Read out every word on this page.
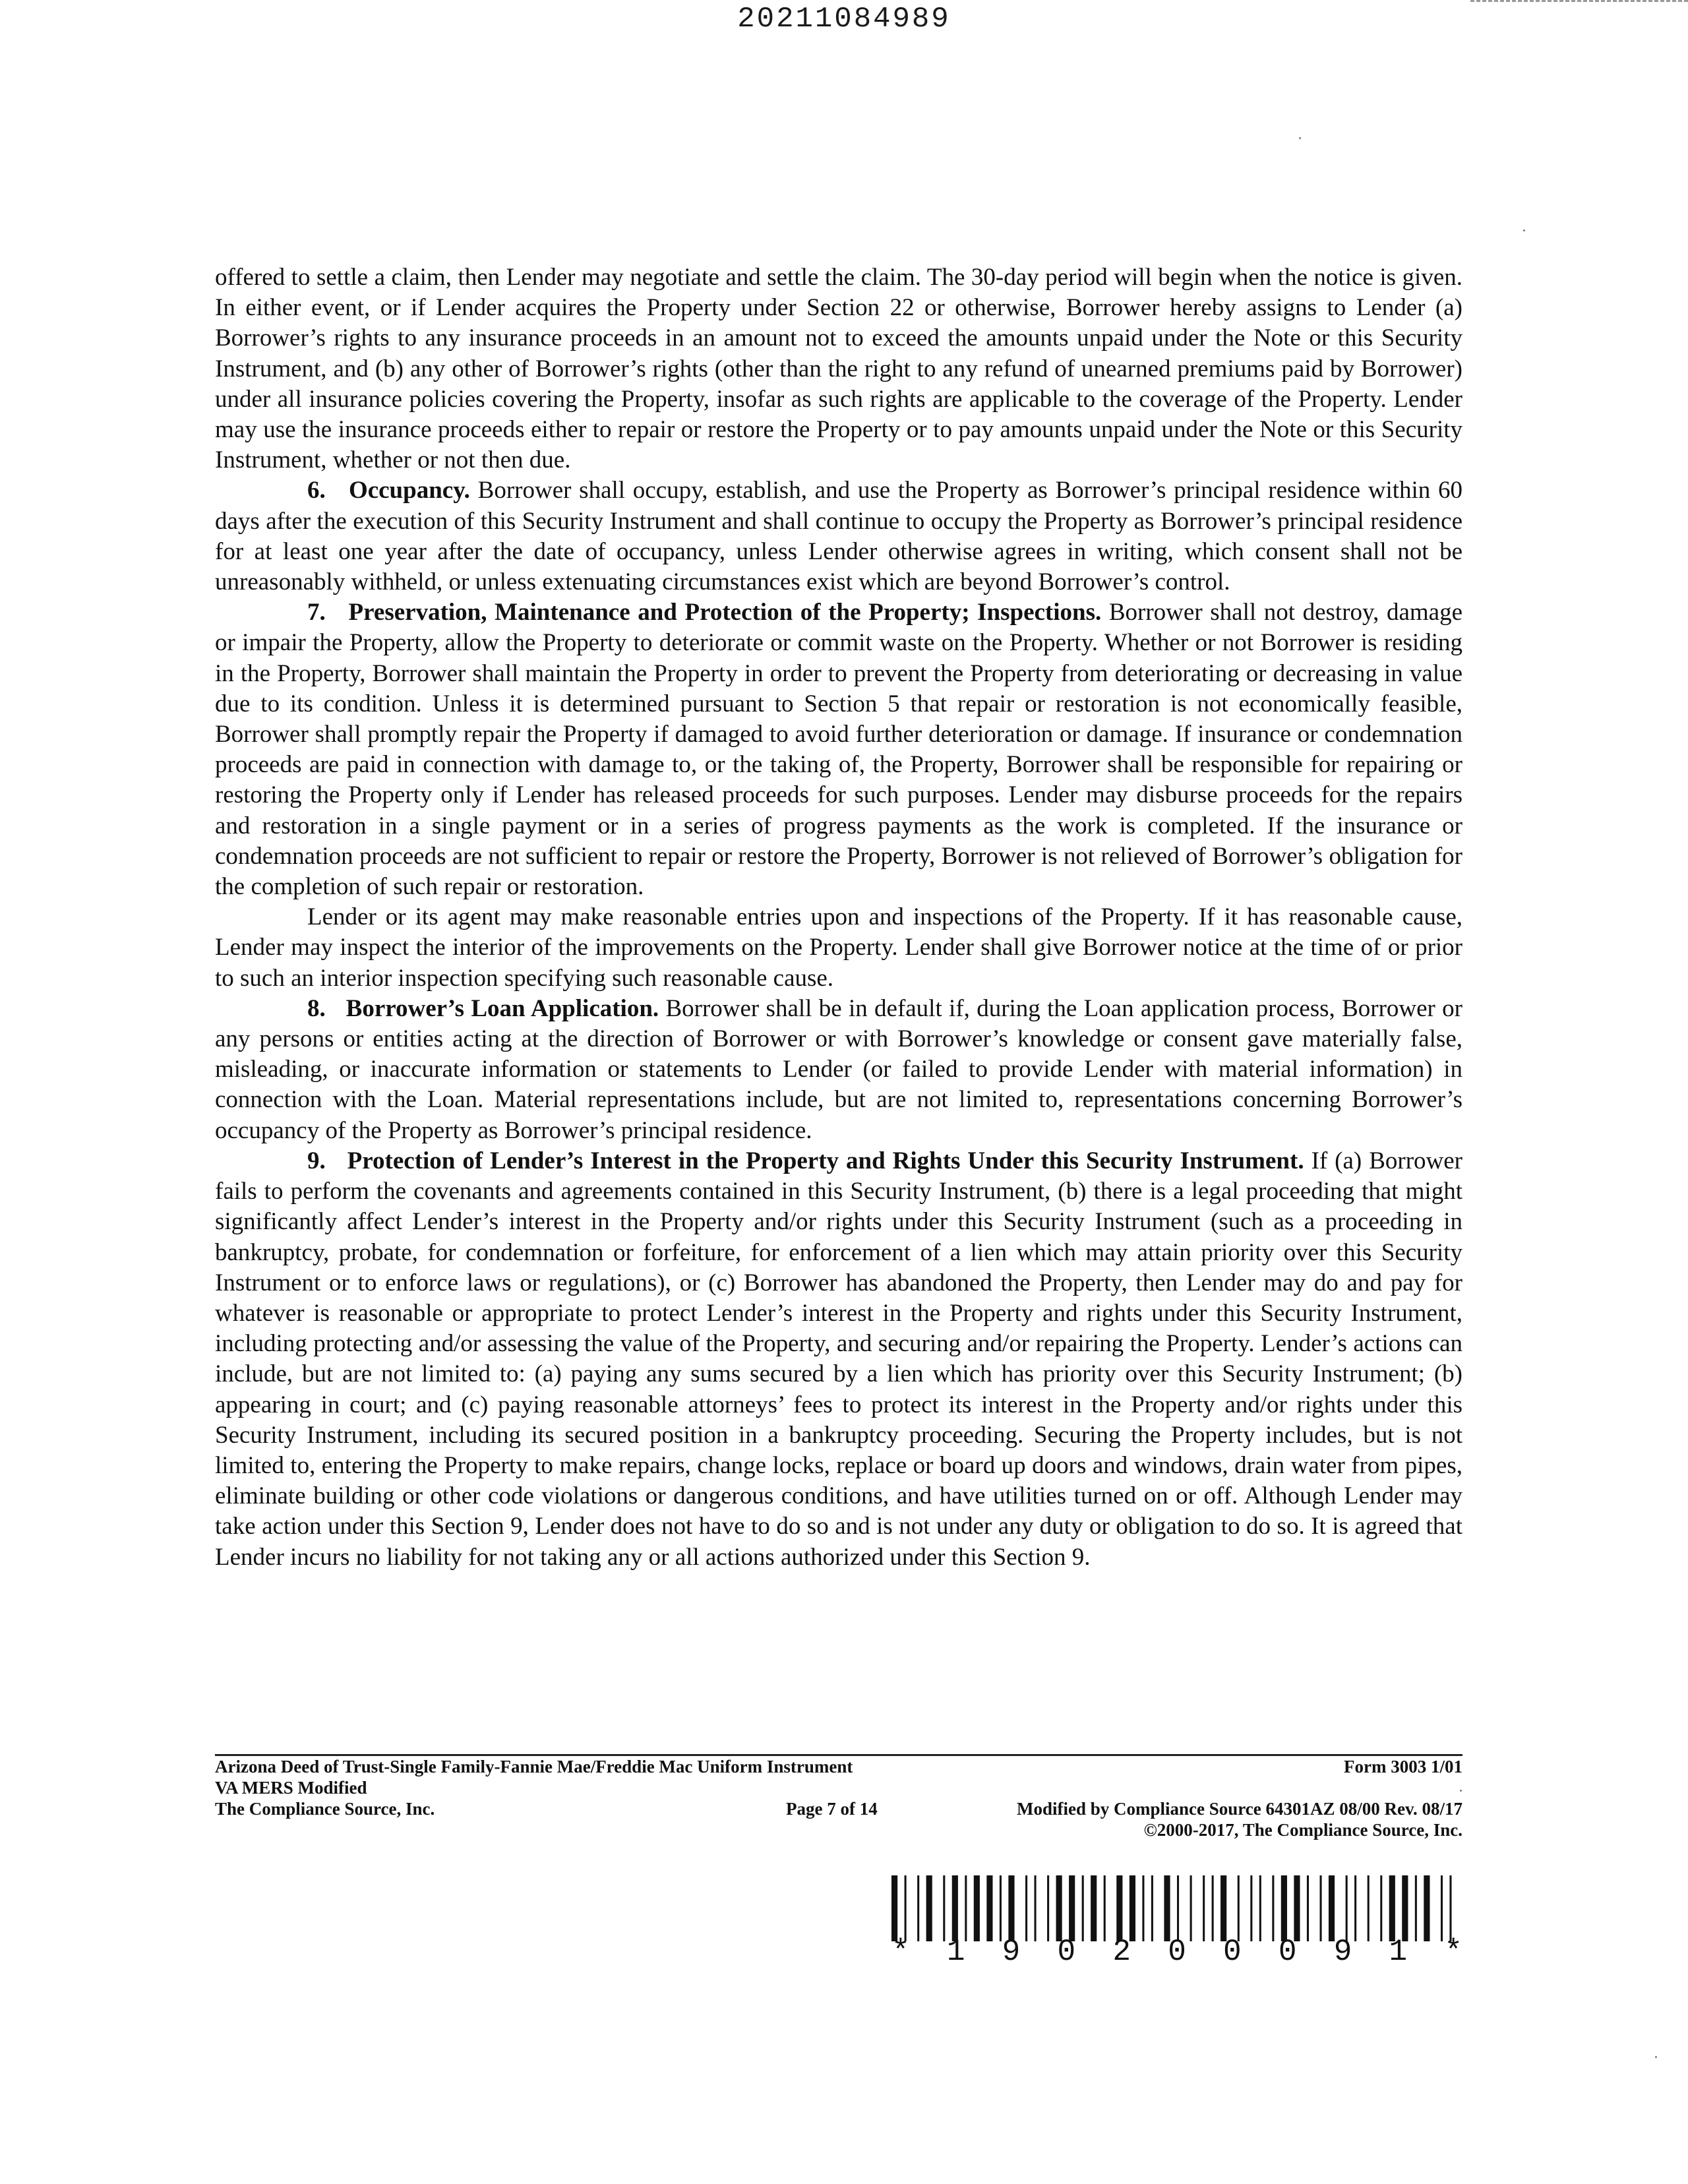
20211084989

offered to settle a claim, then Lender may negotiate and settle the claim. The 30-day period will begin when the notice is given. In either event, or if Lender acquires the Property under Section 22 or otherwise, Borrower hereby assigns to Lender (a) Borrower’s rights to any insurance proceeds in an amount not to exceed the amounts unpaid under the Note or this Security Instrument, and (b) any other of Borrower’s rights (other than the right to any refund of unearned premiums paid by Borrower) under all insurance policies covering the Property, insofar as such rights are applicable to the coverage of the Property. Lender may use the insurance proceeds either to repair or restore the Property or to pay amounts unpaid under the Note or this Security Instrument, whether or not then due.

6. Occupancy. Borrower shall occupy, establish, and use the Property as Borrower’s principal residence within 60 days after the execution of this Security Instrument and shall continue to occupy the Property as Borrower’s principal residence for at least one year after the date of occupancy, unless Lender otherwise agrees in writing, which consent shall not be unreasonably withheld, or unless extenuating circumstances exist which are beyond Borrower’s control.

7. Preservation, Maintenance and Protection of the Property; Inspections. Borrower shall not destroy, damage or impair the Property, allow the Property to deteriorate or commit waste on the Property. Whether or not Borrower is residing in the Property, Borrower shall maintain the Property in order to prevent the Property from deteriorating or decreasing in value due to its condition. Unless it is determined pursuant to Section 5 that repair or restoration is not economically feasible, Borrower shall promptly repair the Property if damaged to avoid further deterioration or damage. If insurance or condemnation proceeds are paid in connection with damage to, or the taking of, the Property, Borrower shall be responsible for repairing or restoring the Property only if Lender has released proceeds for such purposes. Lender may disburse proceeds for the repairs and restoration in a single payment or in a series of progress payments as the work is completed. If the insurance or condemnation proceeds are not sufficient to repair or restore the Property, Borrower is not relieved of Borrower’s obligation for the completion of such repair or restoration.

Lender or its agent may make reasonable entries upon and inspections of the Property. If it has reasonable cause, Lender may inspect the interior of the improvements on the Property. Lender shall give Borrower notice at the time of or prior to such an interior inspection specifying such reasonable cause.

8. Borrower’s Loan Application. Borrower shall be in default if, during the Loan application process, Borrower or any persons or entities acting at the direction of Borrower or with Borrower’s knowledge or consent gave materially false, misleading, or inaccurate information or statements to Lender (or failed to provide Lender with material information) in connection with the Loan. Material representations include, but are not limited to, representations concerning Borrower’s occupancy of the Property as Borrower’s principal residence.

9. Protection of Lender’s Interest in the Property and Rights Under this Security Instrument. If (a) Borrower fails to perform the covenants and agreements contained in this Security Instrument, (b) there is a legal proceeding that might significantly affect Lender’s interest in the Property and/or rights under this Security Instrument (such as a proceeding in bankruptcy, probate, for condemnation or forfeiture, for enforcement of a lien which may attain priority over this Security Instrument or to enforce laws or regulations), or (c) Borrower has abandoned the Property, then Lender may do and pay for whatever is reasonable or appropriate to protect Lender’s interest in the Property and rights under this Security Instrument, including protecting and/or assessing the value of the Property, and securing and/or repairing the Property. Lender’s actions can include, but are not limited to: (a) paying any sums secured by a lien which has priority over this Security Instrument; (b) appearing in court; and (c) paying reasonable attorneys’ fees to protect its interest in the Property and/or rights under this Security Instrument, including its secured position in a bankruptcy proceeding. Securing the Property includes, but is not limited to, entering the Property to make repairs, change locks, replace or board up doors and windows, drain water from pipes, eliminate building or other code violations or dangerous conditions, and have utilities turned on or off. Although Lender may take action under this Section 9, Lender does not have to do so and is not under any duty or obligation to do so. It is agreed that Lender incurs no liability for not taking any or all actions authorized under this Section 9.

Arizona Deed of Trust-Single Family-Fannie Mae/Freddie Mac Uniform Instrument	Form 3003 1/01
VA MERS Modified
The Compliance Source, Inc.	Page 7 of 14	Modified by Compliance Source 64301AZ 08/00 Rev. 08/17
©2000-2017, The Compliance Source, Inc.
* 1 9 0 2 0 0 0 9 1 *
